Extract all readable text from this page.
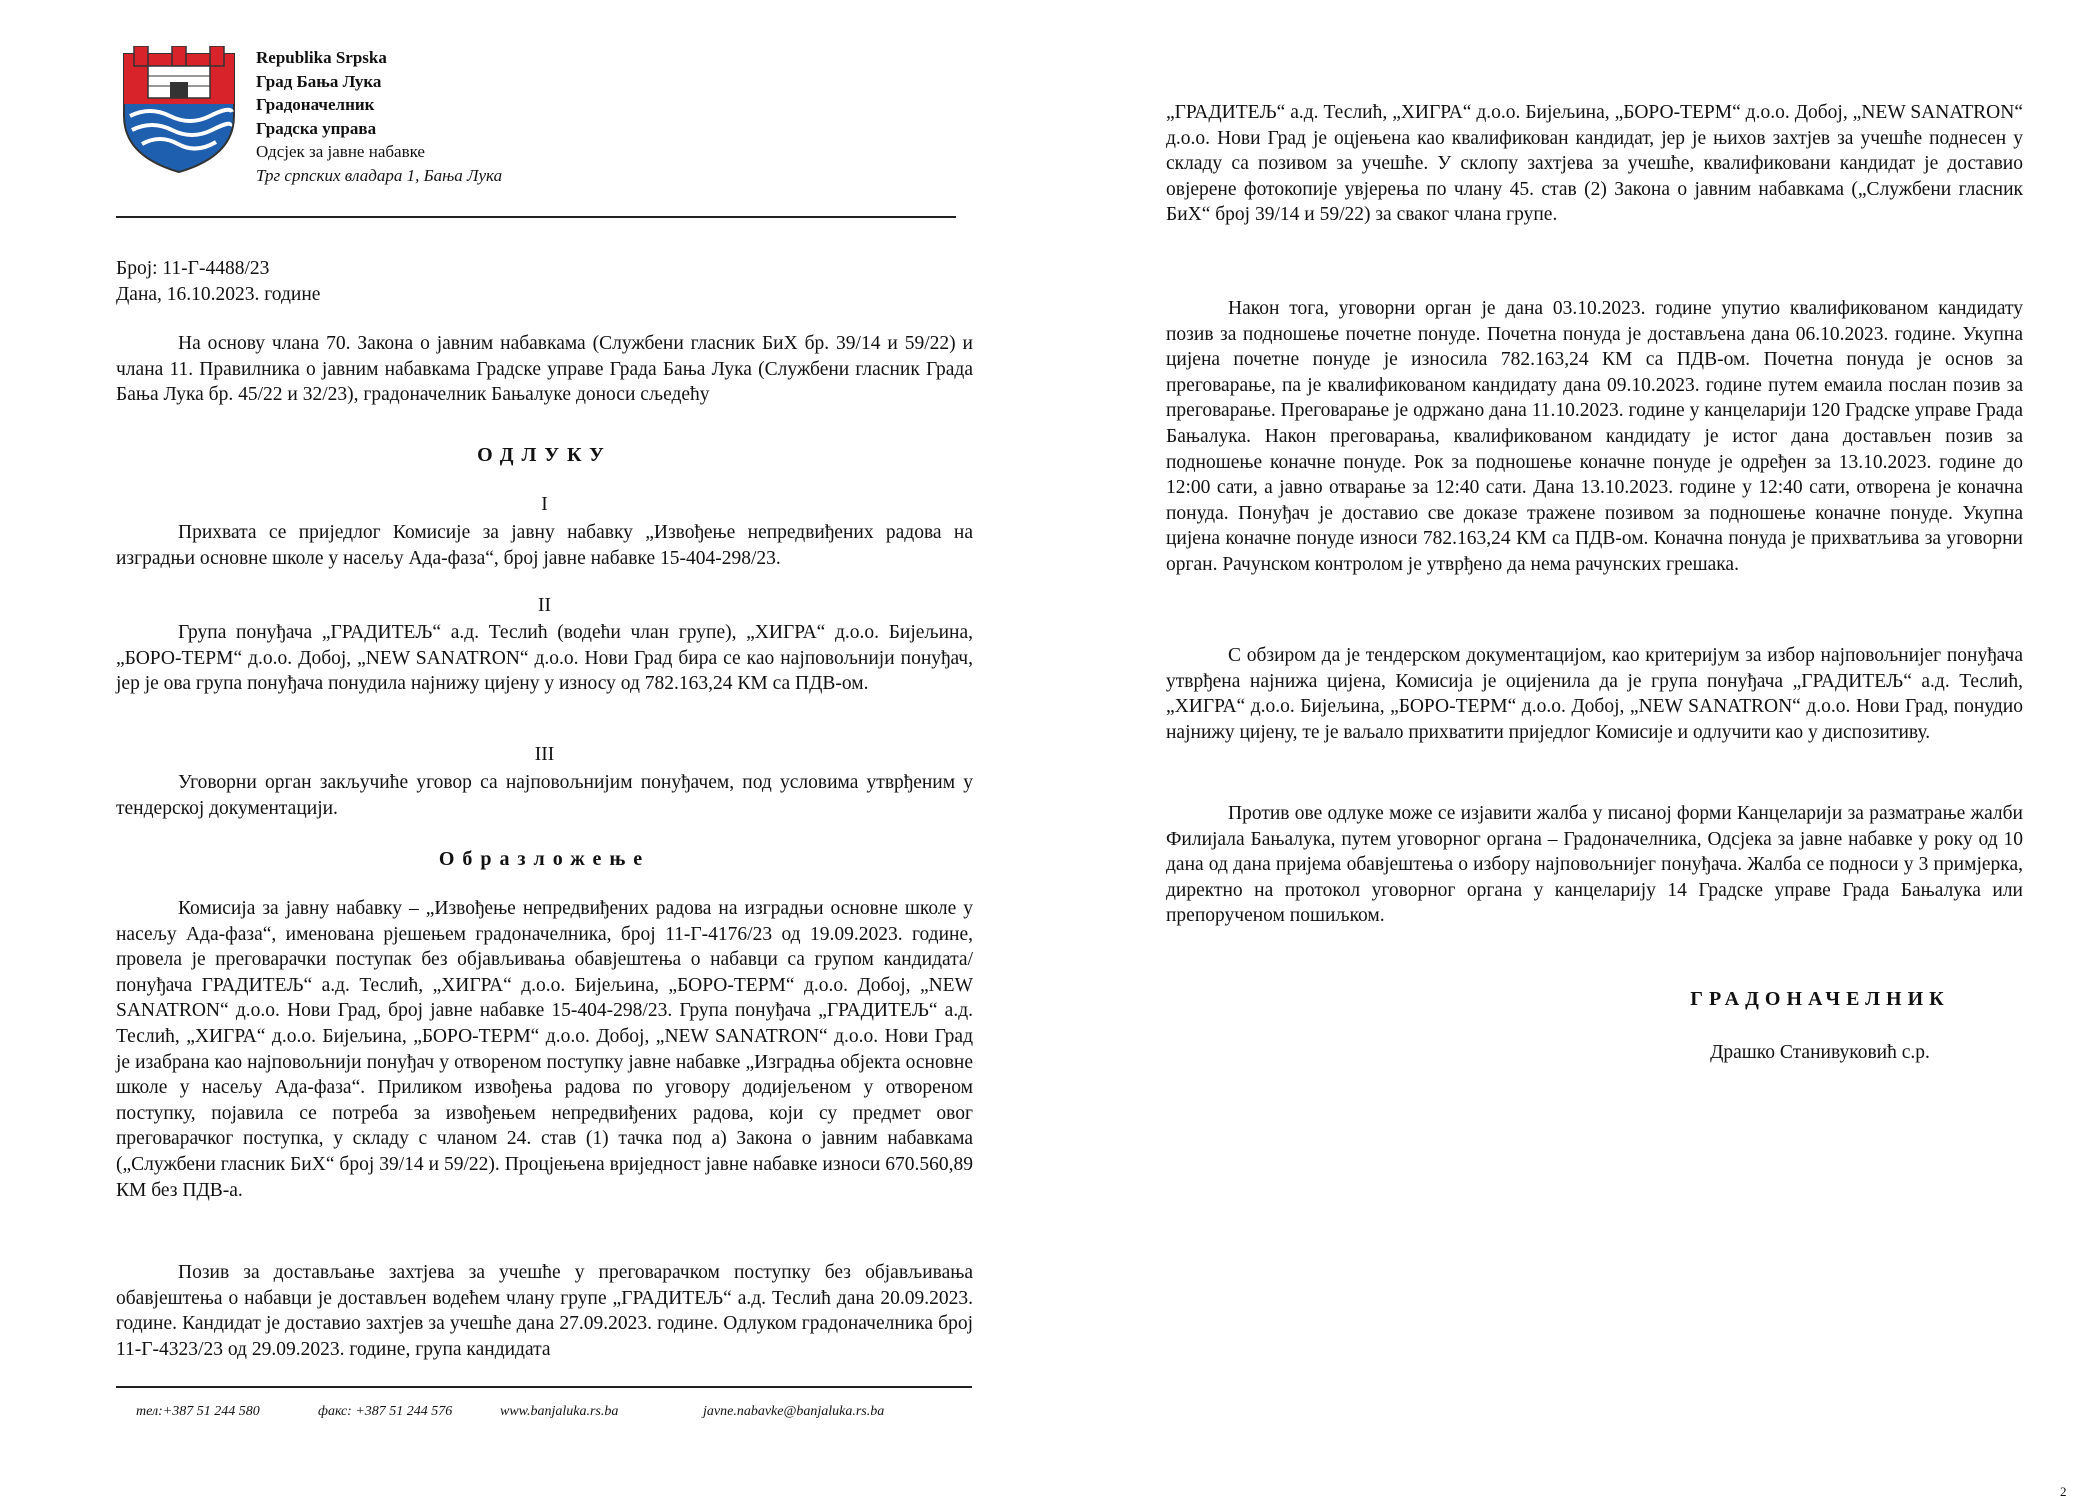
Republika Srpska
Град Бања Лука
Градоначелник
Градска управа
Одсјек за јавне набавке
Трг српских владара 1, Бања Лука

Број: 11-Г-4488/23

Дана, 16.10.2023. године

На основу члана 70. Закона о јавним набавкама (Службени гласник БиХ бр. 39/14 и 59/22) и члана 11. Правилника о јавним набавкама Градске управе Града Бања Лука (Службени гласник Града Бања Лука бр. 45/22 и 32/23), градоначелник Бањалуке доноси сљедећу

ОДЛУКУ
I

Прихвата се приједлог Комисије за јавну набавку „Извођење непредвиђених радова на изградњи основне школе у насељу Ада-фаза“, број јавне набавке 15-404-298/23.

II

Група понуђача „ГРАДИТЕЉ“ а.д. Теслић (водећи члан групе), „ХИГРА“ д.о.о. Бијељина, „БОРО-ТЕРМ“ д.о.о. Добој, „NEW SANATRON“ д.о.о. Нови Град бира се као најповољнији понуђач, јер је ова група понуђача понудила најнижу цијену у износу од 782.163,24 КМ са ПДВ-ом.

III

Уговорни орган закључиће уговор са најповољнијим понуђачем, под условима утврђеним у тендерској документацији.

Образложење

Комисија за јавну набавку – „Извођење непредвиђених радова на изградњи основне школе у насељу Ада-фаза“, именована рјешењем градоначелника, број 11-Г-4176/23 од 19.09.2023. године, провела је преговарачки поступак без објављивања обавјештења о набавци са групом кандидата/понуђача ГРАДИТЕЉ“ а.д. Теслић, „ХИГРА“ д.о.о. Бијељина, „БОРО-ТЕРМ“ д.о.о. Добој, „NEW SANATRON“ д.о.о. Нови Град, број јавне набавке 15-404-298/23. Група понуђача „ГРАДИТЕЉ“ а.д. Теслић, „ХИГРА“ д.о.о. Бијељина, „БОРО-ТЕРМ“ д.о.о. Добој, „NEW SANATRON“ д.о.о. Нови Град је изабрана као најповољнији понуђач у отвореном поступку јавне набавке „Изградња објекта основне школе у насељу Ада-фаза“. Приликом извођења радова по уговору додијељеном у отвореном поступку, појавила се потреба за извођењем непредвиђених радова, који су предмет овог преговарачког поступка, у складу с чланом 24. став (1) тачка под а) Закона о јавним набавкама („Службени гласник БиХ“ број 39/14 и 59/22). Процјењена вриједност јавне набавке износи 670.560,89 КМ без ПДВ-а.

Позив за достављање захтјева за учешће у преговарачком поступку без објављивања обавјештења о набавци је достављен водећем члану групе „ГРАДИТЕЉ“ а.д. Теслић дана 20.09.2023. године. Кандидат је доставио захтјев за учешће дана 27.09.2023. године. Одлуком градоначелника број 11-Г-4323/23 од 29.09.2023. године, група кандидата

тел:+387 51 244 580	факс: +387 51 244 576	www.banjaluka.rs.ba	javne.nabavke@banjaluka.rs.ba

„ГРАДИТЕЉ“ а.д. Теслић, „ХИГРА“ д.о.о. Бијељина, „БОРО-ТЕРМ“ д.о.о. Добој, „NEW SANATRON“ д.о.о. Нови Град је оцјењена као квалификован кандидат, јер је њихов захтјев за учешће поднесен у складу са позивом за учешће. У склопу захтјева за учешће, квалификовани кандидат је доставио овјерене фотокопије увјерења по члану 45. став (2) Закона о јавним набавкама („Службени гласник БиХ“ број 39/14 и 59/22) за сваког члана групе.

Након тога, уговорни орган је дана 03.10.2023. године упутио квалификованом кандидату позив за подношење почетне понуде. Почетна понуда је достављена дана 06.10.2023. године. Укупна цијена почетне понуде је износила 782.163,24 КМ са ПДВ-ом. Почетна понуда је основ за преговарање, па је квалификованом кандидату дана 09.10.2023. године путем емаила послан позив за преговарање. Преговарање је одржано дана 11.10.2023. године у канцеларији 120 Градске управе Града Бањалука. Након преговарања, квалификованом кандидату је истог дана достављен позив за подношење коначне понуде. Рок за подношење коначне понуде је одређен за 13.10.2023. године до 12:00 сати, а јавно отварање за 12:40 сати. Дана 13.10.2023. године у 12:40 сати, отворена је коначна понуда. Понуђач је доставио све доказе тражене позивом за подношење коначне понуде. Укупна цијена коначне понуде износи 782.163,24 КМ са ПДВ-ом. Коначна понуда је прихватљива за уговорни орган. Рачунском контролом је утврђено да нема рачунских грешака.

С обзиром да је тендерском документацијом, као критеријум за избор најповољнијег понуђача утврђена најнижа цијена, Комисија је оцијенила да је група понуђача „ГРАДИТЕЉ“ а.д. Теслић, „ХИГРА“ д.о.о. Бијељина, „БОРО-ТЕРМ“ д.о.о. Добој, „NEW SANATRON“ д.о.о. Нови Град, понудио најнижу цијену, те је ваљало прихватити приједлог Комисије и одлучити као у диспозитиву.

Против ове одлуке може се изјавити жалба у писаној форми Канцеларији за разматрање жалби Филијала Бањалука, путем уговорног органа – Градоначелника, Одсјека за јавне набавке у року од 10 дана од дана пријема обавјештења о избору најповољнијег понуђача. Жалба се подноси у 3 примјерка, директно на протокол уговорног органа у канцеларију 14 Градске управе Града Бањалука или препорученом пошиљком.

ГРАДОНАЧЕЛНИК
Драшко Станивуковић с.р.
2
